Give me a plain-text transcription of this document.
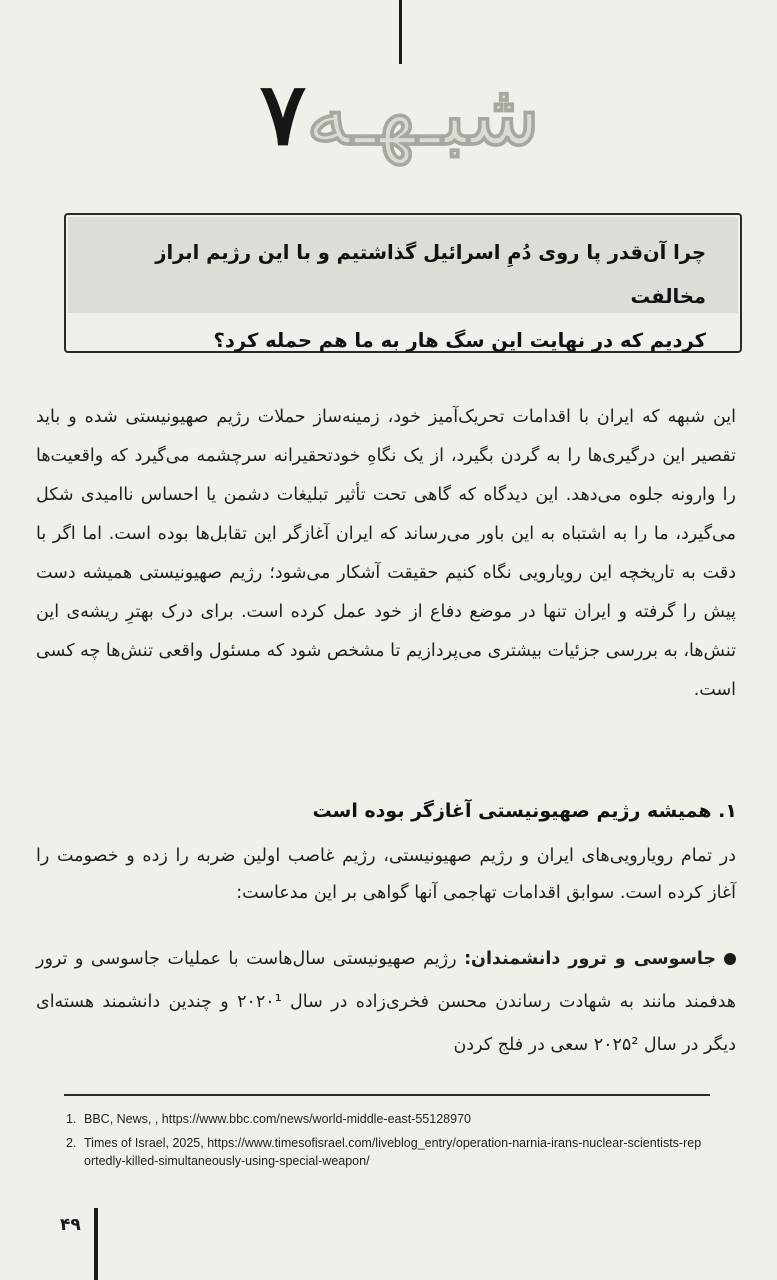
شبـهـه۷
چرا آن‌قدر پا روی دُمِ اسرائیل گذاشتیم و با این رژیم ابراز مخالفت
کردیم که در نهایت این سگ هار به ما هم حمله کرد؟
این شبهه که ایران با اقدامات تحریک‌آمیز خود، زمینه‌ساز حملات رژیم صهیونیستی شده و باید تقصیر این درگیری‌ها را به گردن بگیرد، از یک نگاهِ خودتحقیرانه سرچشمه می‌گیرد که واقعیت‌ها را وارونه جلوه می‌دهد. این دیدگاه که گاهی تحت تأثیر تبلیغات دشمن یا احساس ناامیدی شکل می‌گیرد، ما را به اشتباه به این باور می‌رساند که ایران آغازگر این تقابل‌ها بوده است. اما اگر با دقت به تاریخچه این رویارویی نگاه کنیم حقیقت آشکار می‌شود؛ رژیم صهیونیستی همیشه دست پیش را گرفته و ایران تنها در موضع دفاع از خود عمل کرده است. برای درک بهترِ ریشه‌ی این تنش‌ها، به بررسی جزئیات بیشتری می‌پردازیم تا مشخص شود که مسئول واقعی تنش‌ها چه کسی است.
۱. همیشه رژیم صهیونیستی آغازگر بوده است
در تمام رویارویی‌های ایران و رژیم صهیونیستی، رژیم غاصب اولین ضربه را زده و خصومت را آغاز کرده است. سوابق اقدامات تهاجمی آنها گواهی بر این مدعاست:
جاسوسی و ترور دانشمندان: رژیم صهیونیستی سال‌هاست با عملیات جاسوسی و ترور هدفمند مانند به شهادت رساندن محسن فخری‌زاده در سال ۲۰۲۰¹ و چندین دانشمند هسته‌ای دیگر در سال ۲۰۲۵² سعی در فلج کردن
1. BBC, News, , https://www.bbc.com/news/world-middle-east-55128970
2. Times of Israel, 2025, https://www.timesofisrael.com/liveblog_entry/operation-narnia-irans-nuclear-scientists-reportedly-killed-simultaneously-using-special-weapon/
۴۹
